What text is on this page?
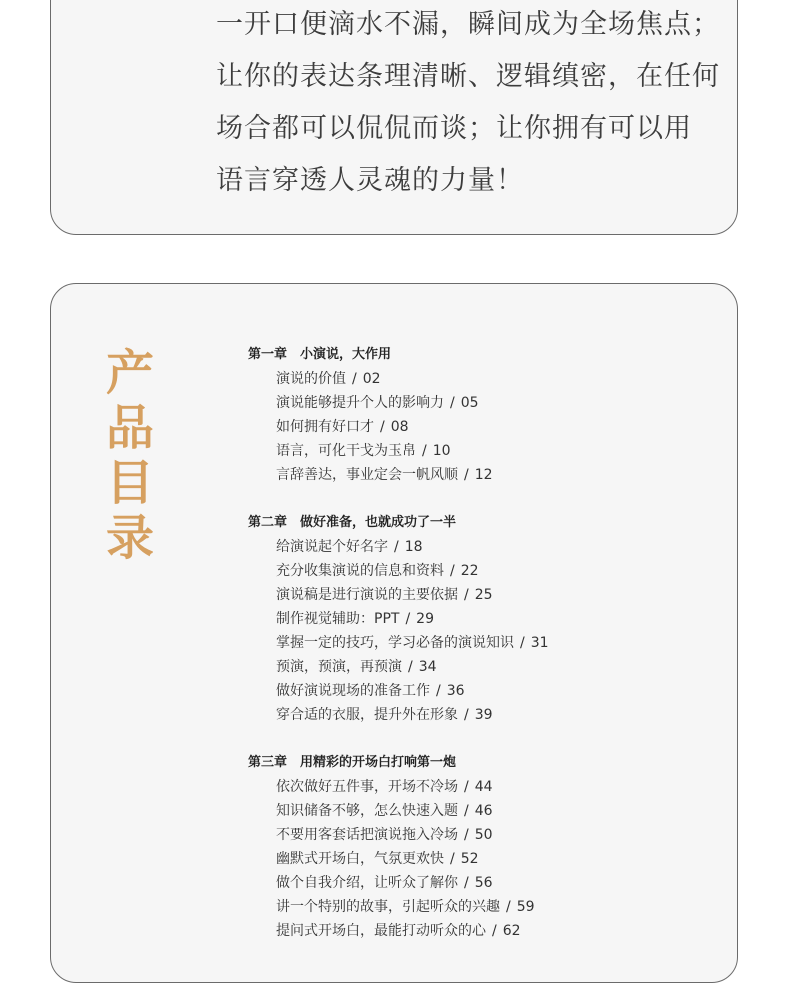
一开口便滴水不漏，瞬间成为全场焦点；
让你的表达条理清晰、逻辑缜密，在任何
场合都可以侃侃而谈；让你拥有可以用
语言穿透人灵魂的力量！
产
品
目
录
第一章　小演说，大作用
演说的价值 / 02
演说能够提升个人的影响力 / 05
如何拥有好口才 / 08
语言，可化干戈为玉帛 / 10
言辞善达，事业定会一帆风顺 / 12
第二章　做好准备，也就成功了一半
给演说起个好名字 / 18
充分收集演说的信息和资料 / 22
演说稿是进行演说的主要依据 / 25
制作视觉辅助：PPT / 29
掌握一定的技巧，学习必备的演说知识 / 31
预演，预演，再预演 / 34
做好演说现场的准备工作 / 36
穿合适的衣服，提升外在形象 / 39
第三章　用精彩的开场白打响第一炮
依次做好五件事，开场不冷场 / 44
知识储备不够，怎么快速入题 / 46
不要用客套话把演说拖入冷场 / 50
幽默式开场白，气氛更欢快 / 52
做个自我介绍，让听众了解你 / 56
讲一个特别的故事，引起听众的兴趣 / 59
提问式开场白，最能打动听众的心 / 62
